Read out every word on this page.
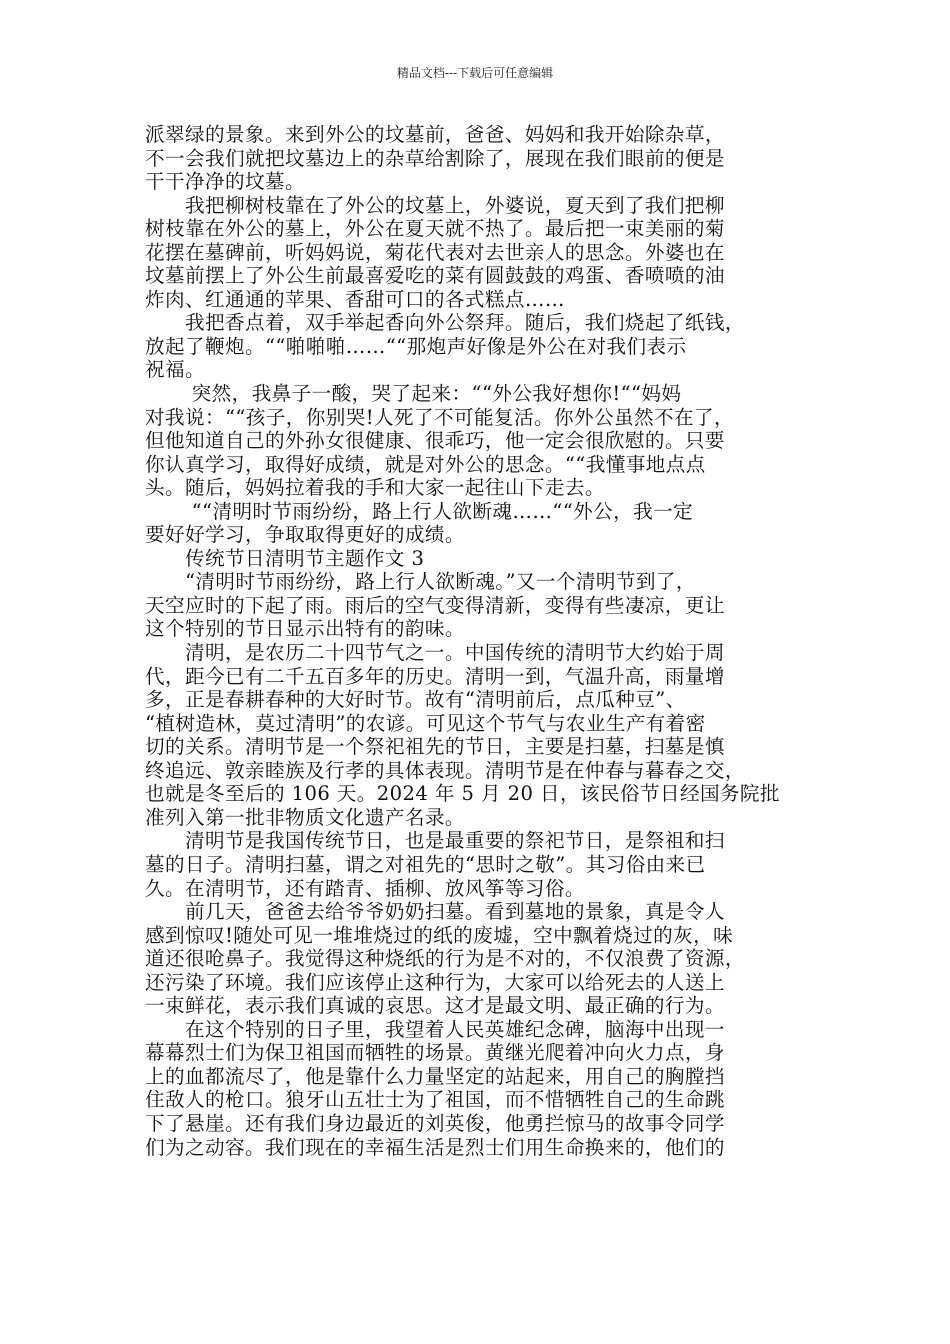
精品文档---下载后可任意编辑
派翠绿的景象。来到外公的坟墓前，爸爸、妈妈和我开始除杂草，
不一会我们就把坟墓边上的杂草给割除了，展现在我们眼前的便是
干干净净的坟墓。
　　我把柳树枝靠在了外公的坟墓上，外婆说，夏天到了我们把柳
树枝靠在外公的墓上，外公在夏天就不热了。最后把一束美丽的菊
花摆在墓碑前，听妈妈说，菊花代表对去世亲人的思念。外婆也在
坟墓前摆上了外公生前最喜爱吃的菜有圆鼓鼓的鸡蛋、香喷喷的油
炸肉、红通通的苹果、香甜可口的各式糕点……
　　我把香点着，双手举起香向外公祭拜。随后，我们烧起了纸钱，
放起了鞭炮。““啪啪啪……““那炮声好像是外公在对我们表示
祝福。
　　 突然，我鼻子一酸，哭了起来：““外公我好想你!““妈妈
对我说：““孩子，你别哭!人死了不可能复活。你外公虽然不在了，
但他知道自己的外孙女很健康、很乖巧，他一定会很欣慰的。只要
你认真学习，取得好成绩，就是对外公的思念。““我懂事地点点
头。随后，妈妈拉着我的手和大家一起往山下走去。
　　 ““清明时节雨纷纷，路上行人欲断魂……““外公，我一定
要好好学习，争取取得更好的成绩。
　　传统节日清明节主题作文 3
　　“清明时节雨纷纷，路上行人欲断魂。”又一个清明节到了，
天空应时的下起了雨。雨后的空气变得清新，变得有些凄凉，更让
这个特别的节日显示出特有的韵味。
　　清明，是农历二十四节气之一。中国传统的清明节大约始于周
代，距今已有二千五百多年的历史。清明一到，气温升高，雨量增
多，正是春耕春种的大好时节。故有“清明前后，点瓜种豆”、
“植树造林，莫过清明”的农谚。可见这个节气与农业生产有着密
切的关系。清明节是一个祭祀祖先的节日，主要是扫墓，扫墓是慎
终追远、敦亲睦族及行孝的具体表现。清明节是在仲春与暮春之交，
也就是冬至后的 106 天。2024 年 5 月 20 日，该民俗节日经国务院批
准列入第一批非物质文化遗产名录。
　　清明节是我国传统节日，也是最重要的祭祀节日，是祭祖和扫
墓的日子。清明扫墓，谓之对祖先的“思时之敬”。其习俗由来已
久。在清明节，还有踏青、插柳、放风筝等习俗。
　　前几天，爸爸去给爷爷奶奶扫墓。看到墓地的景象，真是令人
感到惊叹!随处可见一堆堆烧过的纸的废墟，空中飘着烧过的灰，味
道还很呛鼻子。我觉得这种烧纸的行为是不对的，不仅浪费了资源，
还污染了环境。我们应该停止这种行为，大家可以给死去的人送上
一束鲜花，表示我们真诚的哀思。这才是最文明、最正确的行为。
　　在这个特别的日子里，我望着人民英雄纪念碑，脑海中出现一
幕幕烈士们为保卫祖国而牺牲的场景。黄继光爬着冲向火力点，身
上的血都流尽了，他是靠什么力量坚定的站起来，用自己的胸膛挡
住敌人的枪口。狼牙山五壮士为了祖国，而不惜牺牲自己的生命跳
下了悬崖。还有我们身边最近的刘英俊，他勇拦惊马的故事令同学
们为之动容。我们现在的幸福生活是烈士们用生命换来的，他们的
